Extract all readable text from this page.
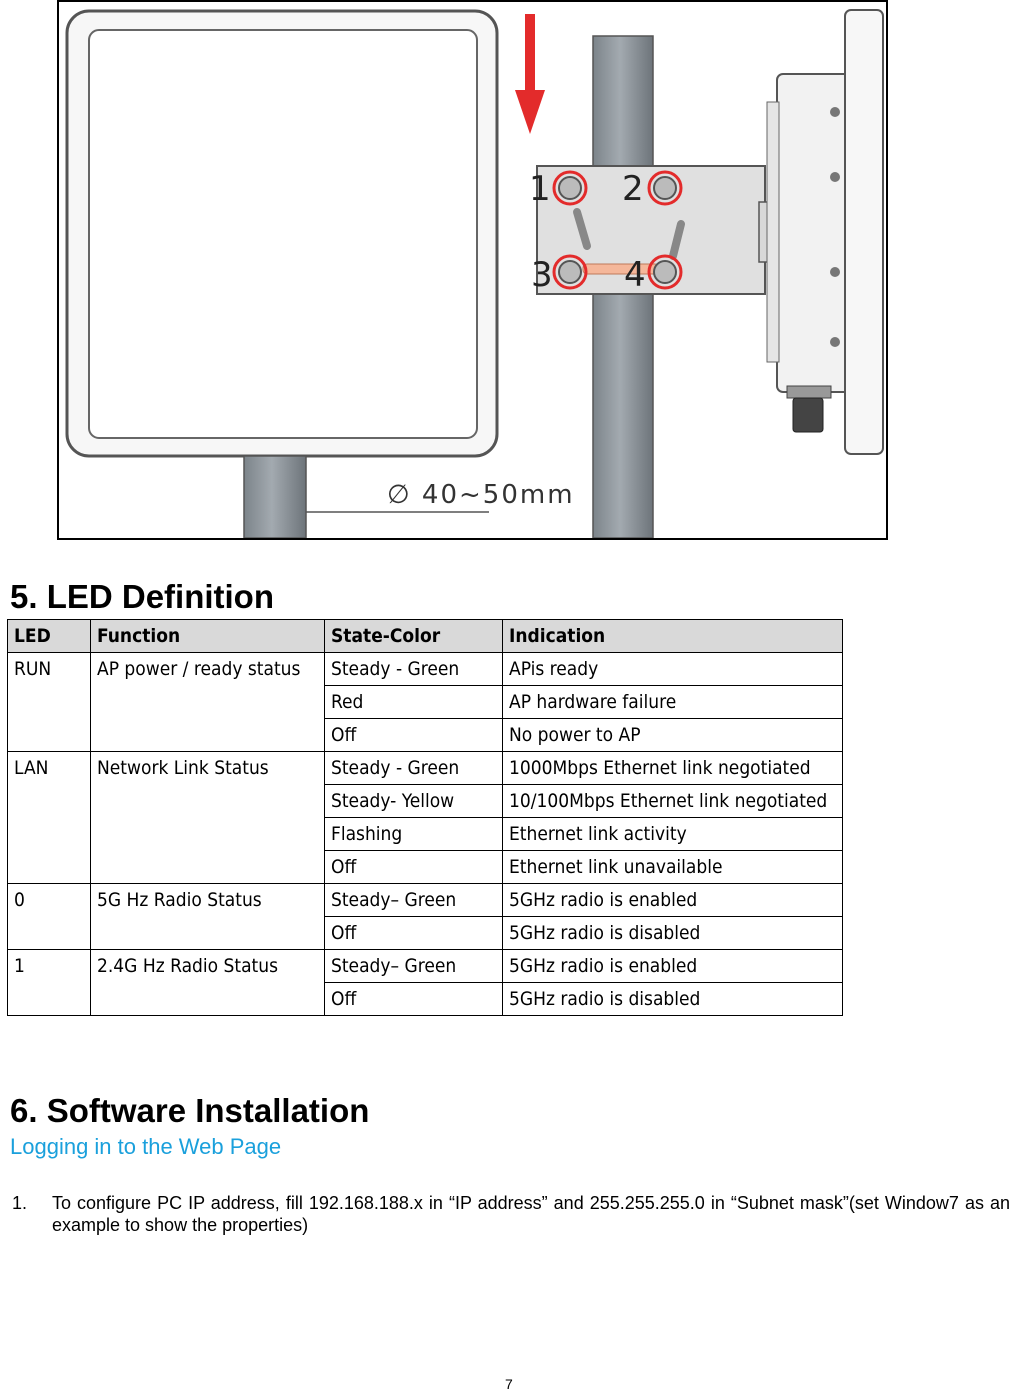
1 2
3 4
∅ 40~50mm
5. LED Definition
LED	Function	State-Color	Indication
RUN	AP power / ready status	Steady - Green	APis ready
		Red	AP hardware failure
		Off	No power to AP
LAN	Network Link Status	Steady - Green	1000Mbps Ethernet link negotiated
		Steady- Yellow	10/100Mbps Ethernet link negotiated
		Flashing	Ethernet link activity
		Off	Ethernet link unavailable
0	5G Hz Radio Status	Steady– Green	5GHz radio is enabled
		Off	5GHz radio is disabled
1	2.4G Hz Radio Status	Steady– Green	5GHz radio is enabled
		Off	5GHz radio is disabled
6. Software Installation
Logging in to the Web Page
1. To configure PC IP address, fill 192.168.188.x in “IP address” and 255.255.255.0 in “Subnet mask”(set Window7 as an example to show the properties)
7
